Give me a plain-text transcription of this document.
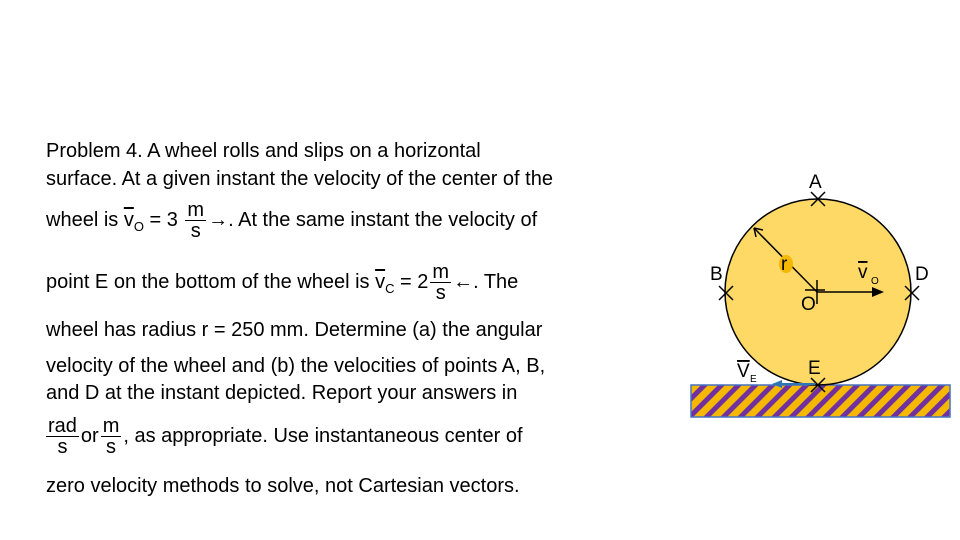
Problem 4. A wheel rolls and slips on a horizontal
surface. At a given instant the velocity of the center of the
wheel is $\overline{v}_O = 3 \frac{m}{s}$ →. At the same instant the velocity of
point E on the bottom of the wheel is $\overline{v}_C = 2 \frac{m}{s}$ ←. The
wheel has radius r = 250 mm. Determine (a) the angular
velocity of the wheel and (b) the velocities of points A, B,
and D at the instant depicted. Report your answers in
$\frac{\text{rad}}{s}$ or $\frac{m}{s}$ , as appropriate. Use instantaneous center of
zero velocity methods to solve, not Cartesian vectors.
A
B	D
E
O
r	v O
V E
